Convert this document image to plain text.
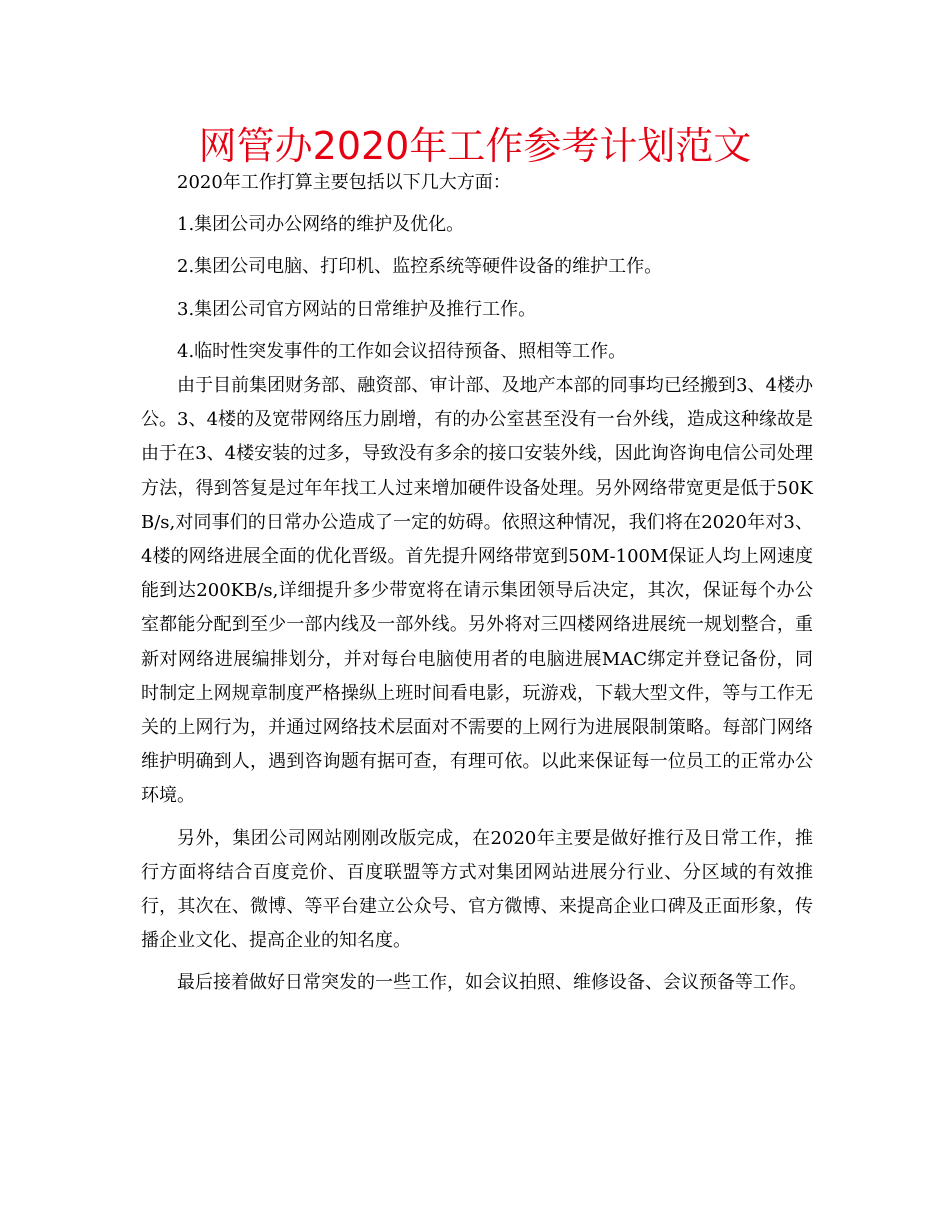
网管办2020年工作参考计划范文

2020年工作打算主要包括以下几大方面：

1.集团公司办公网络的维护及优化。

2.集团公司电脑、打印机、监控系统等硬件设备的维护工作。

3.集团公司官方网站的日常维护及推行工作。

4.临时性突发事件的工作如会议招待预备、照相等工作。

由于目前集团财务部、融资部、审计部、及地产本部的同事均已经搬到3、4楼办公。3、4楼的及宽带网络压力剧增，有的办公室甚至没有一台外线，造成这种缘故是由于在3、4楼安装的过多，导致没有多余的接口安装外线，因此询咨询电信公司处理方法，得到答复是过年年找工人过来增加硬件设备处理。另外网络带宽更是低于50KB/s,对同事们的日常办公造成了一定的妨碍。依照这种情况，我们将在2020年对3、4楼的网络进展全面的优化晋级。首先提升网络带宽到50M-100M保证人均上网速度能到达200KB/s,详细提升多少带宽将在请示集团领导后决定，其次，保证每个办公室都能分配到至少一部内线及一部外线。另外将对三四楼网络进展统一规划整合，重新对网络进展编排划分，并对每台电脑使用者的电脑进展MAC绑定并登记备份，同时制定上网规章制度严格操纵上班时间看电影，玩游戏，下载大型文件，等与工作无关的上网行为，并通过网络技术层面对不需要的上网行为进展限制策略。每部门网络维护明确到人，遇到咨询题有据可查，有理可依。以此来保证每一位员工的正常办公环境。

另外，集团公司网站刚刚改版完成，在2020年主要是做好推行及日常工作，推行方面将结合百度竞价、百度联盟等方式对集团网站进展分行业、分区域的有效推行，其次在、微博、等平台建立公众号、官方微博、来提高企业口碑及正面形象，传播企业文化、提高企业的知名度。

最后接着做好日常突发的一些工作，如会议拍照、维修设备、会议预备等工作。
